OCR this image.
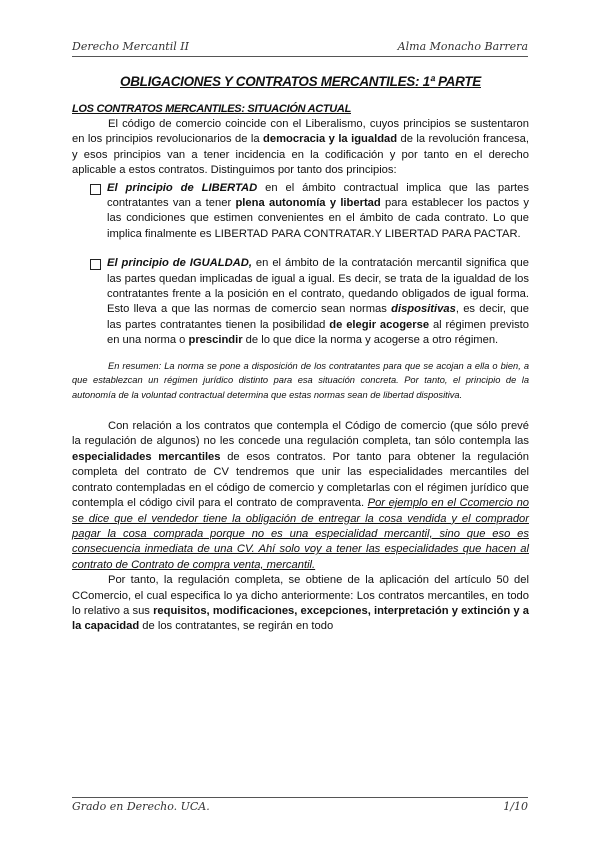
Derecho Mercantil II	Alma Monacho Barrera
OBLIGACIONES Y CONTRATOS MERCANTILES: 1ª PARTE
LOS CONTRATOS MERCANTILES: SITUACIÓN ACTUAL

El código de comercio coincide con el Liberalismo, cuyos principios se sustentaron en los principios revolucionarios de la democracia y la igualdad de la revolución francesa, y esos principios van a tener incidencia en la codificación y por tanto en el derecho aplicable a estos contratos. Distinguimos por tanto dos principios:

El principio de LIBERTAD en el ámbito contractual implica que las partes contratantes van a tener plena autonomía y libertad para establecer los pactos y las condiciones que estimen convenientes en el ámbito de cada contrato. Lo que implica finalmente es LIBERTAD PARA CONTRATAR.Y LIBERTAD PARA PACTAR.

El principio de IGUALDAD, en el ámbito de la contratación mercantil significa que las partes quedan implicadas de igual a igual. Es decir, se trata de la igualdad de los contratantes frente a la posición en el contrato, quedando obligados de igual forma. Esto lleva a que las normas de comercio sean normas dispositivas, es decir, que las partes contratantes tienen la posibilidad de elegir acogerse al régimen previsto en una norma o prescindir de lo que dice la norma y acogerse a otro régimen.

En resumen: La norma se pone a disposición de los contratantes para que se acojan a ella o bien, a que establezcan un régimen jurídico distinto para esa situación concreta. Por tanto, el principio de la autonomía de la voluntad contractual determina que estas normas sean de libertad dispositiva.

Con relación a los contratos que contempla el Código de comercio (que sólo prevé la regulación de algunos) no les concede una regulación completa, tan sólo contempla las especialidades mercantiles de esos contratos. Por tanto para obtener la regulación completa del contrato de CV tendremos que unir las especialidades mercantiles del contrato contempladas en el código de comercio y completarlas con el régimen jurídico que contempla el código civil para el contrato de compraventa. Por ejemplo en el Ccomercio no se dice que el vendedor tiene la obligación de entregar la cosa vendida y el comprador pagar la cosa comprada porque no es una especialidad mercantil, sino que eso es consecuencia inmediata de una CV. Ahí solo voy a tener las especialidades que hacen al contrato de Contrato de compra venta, mercantil.

Por tanto, la regulación completa, se obtiene de la aplicación del artículo 50 del CComercio, el cual especifica lo ya dicho anteriormente: Los contratos mercantiles, en todo lo relativo a sus requisitos, modificaciones, excepciones, interpretación y extinción y a la capacidad de los contratantes, se regirán en todo

Grado en Derecho. UCA.	1/10
